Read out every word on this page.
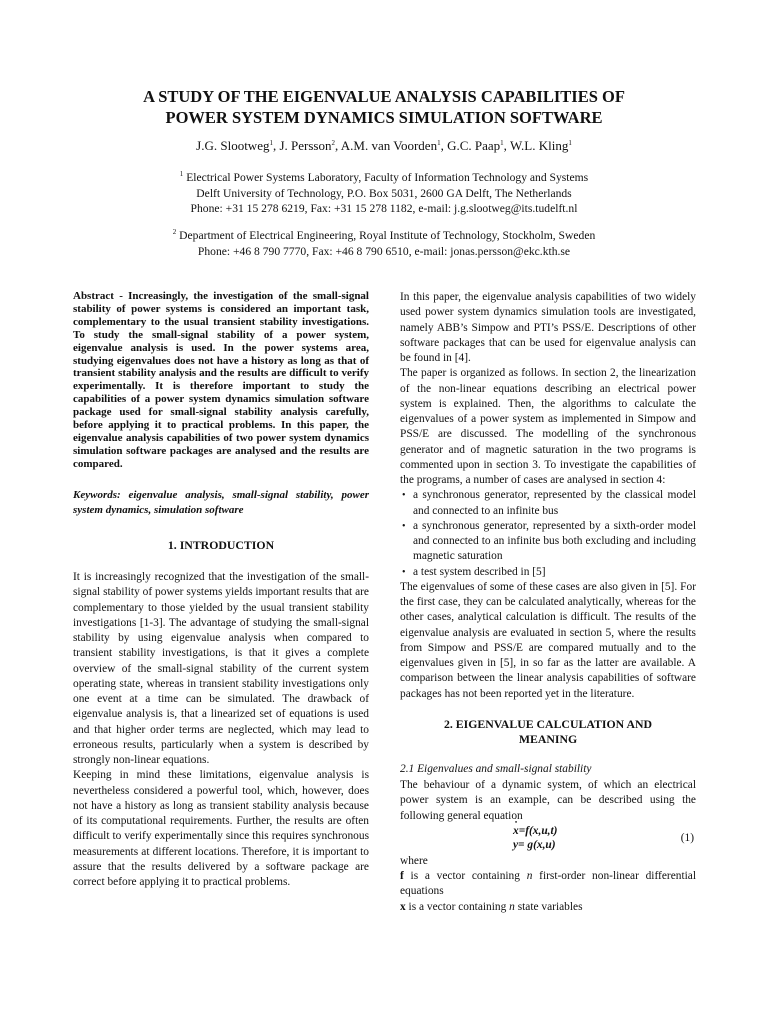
A STUDY OF THE EIGENVALUE ANALYSIS CAPABILITIES OF
POWER SYSTEM DYNAMICS SIMULATION SOFTWARE
J.G. Slootweg$^1$, J. Persson$^2$, A.M. van Voorden$^1$, G.C. Paap$^1$, W.L. Kling$^1$
$^1$ Electrical Power Systems Laboratory, Faculty of Information Technology and Systems
Delft University of Technology, P.O. Box 5031, 2600 GA Delft, The Netherlands
Phone: +31 15 278 6219, Fax: +31 15 278 1182, e-mail: j.g.slootweg@its.tudelft.nl
$^2$ Department of Electrical Engineering, Royal Institute of Technology, Stockholm, Sweden
Phone: +46 8 790 7770, Fax: +46 8 790 6510, e-mail: jonas.persson@ekc.kth.se

Abstract - Increasingly, the investigation of the small-signal stability of power systems is considered an important task, complementary to the usual transient stability investigations. To study the small-signal stability of a power system, eigenvalue analysis is used. In the power systems area, studying eigenvalues does not have a history as long as that of transient stability analysis and the results are difficult to verify experimentally. It is therefore important to study the capabilities of a power system dynamics simulation software package used for small-signal stability analysis carefully, before applying it to practical problems. In this paper, the eigenvalue analysis capabilities of two power system dynamics simulation software packages are analysed and the results are compared.

Keywords: eigenvalue analysis, small-signal stability, power system dynamics, simulation software

1. INTRODUCTION

It is increasingly recognized that the investigation of the small-signal stability of power systems yields important results that are complementary to those yielded by the usual transient stability investigations [1-3]. The advantage of studying the small-signal stability by using eigenvalue analysis when compared to transient stability investigations, is that it gives a complete overview of the small-signal stability of the current system operating state, whereas in transient stability investigations only one event at a time can be simulated. The drawback of eigenvalue analysis is, that a linearized set of equations is used and that higher order terms are neglected, which may lead to erroneous results, particularly when a system is described by strongly non-linear equations.

Keeping in mind these limitations, eigenvalue analysis is nevertheless considered a powerful tool, which, however, does not have a history as long as transient stability analysis because of its computational requirements. Further, the results are often difficult to verify experimentally since this requires synchronous measurements at different locations. Therefore, it is important to assure that the results delivered by a software package are correct before applying it to practical problems.

In this paper, the eigenvalue analysis capabilities of two widely used power system dynamics simulation tools are investigated, namely ABB’s Simpow and PTI’s PSS/E. Descriptions of other software packages that can be used for eigenvalue analysis can be found in [4].

The paper is organized as follows. In section 2, the linearization of the non-linear equations describing an electrical power system is explained. Then, the algorithms to calculate the eigenvalues of a power system as implemented in Simpow and PSS/E are discussed. The modelling of the synchronous generator and of magnetic saturation in the two programs is commented upon in section 3. To investigate the capabilities of the programs, a number of cases are analysed in section 4:

• a synchronous generator, represented by the classical model and connected to an infinite bus
• a synchronous generator, represented by a sixth-order model and connected to an infinite bus both excluding and including magnetic saturation
• a test system described in [5]

The eigenvalues of some of these cases are also given in [5]. For the first case, they can be calculated analytically, whereas for the other cases, analytical calculation is difficult. The results of the eigenvalue analysis are evaluated in section 5, where the results from Simpow and PSS/E are compared mutually and to the eigenvalues given in [5], in so far as the latter are available. A comparison between the linear analysis capabilities of software packages has not been reported yet in the literature.

2. EIGENVALUE CALCULATION AND
MEANING
2.1 Eigenvalues and small-signal stability

The behaviour of a dynamic system, of which an electrical power system is an example, can be described using the following general equation

x •=f(x,u,t)
y= g(x,u)
(1)
where

f is a vector containing n first-order non-linear differential equations

x is a vector containing n state variables
